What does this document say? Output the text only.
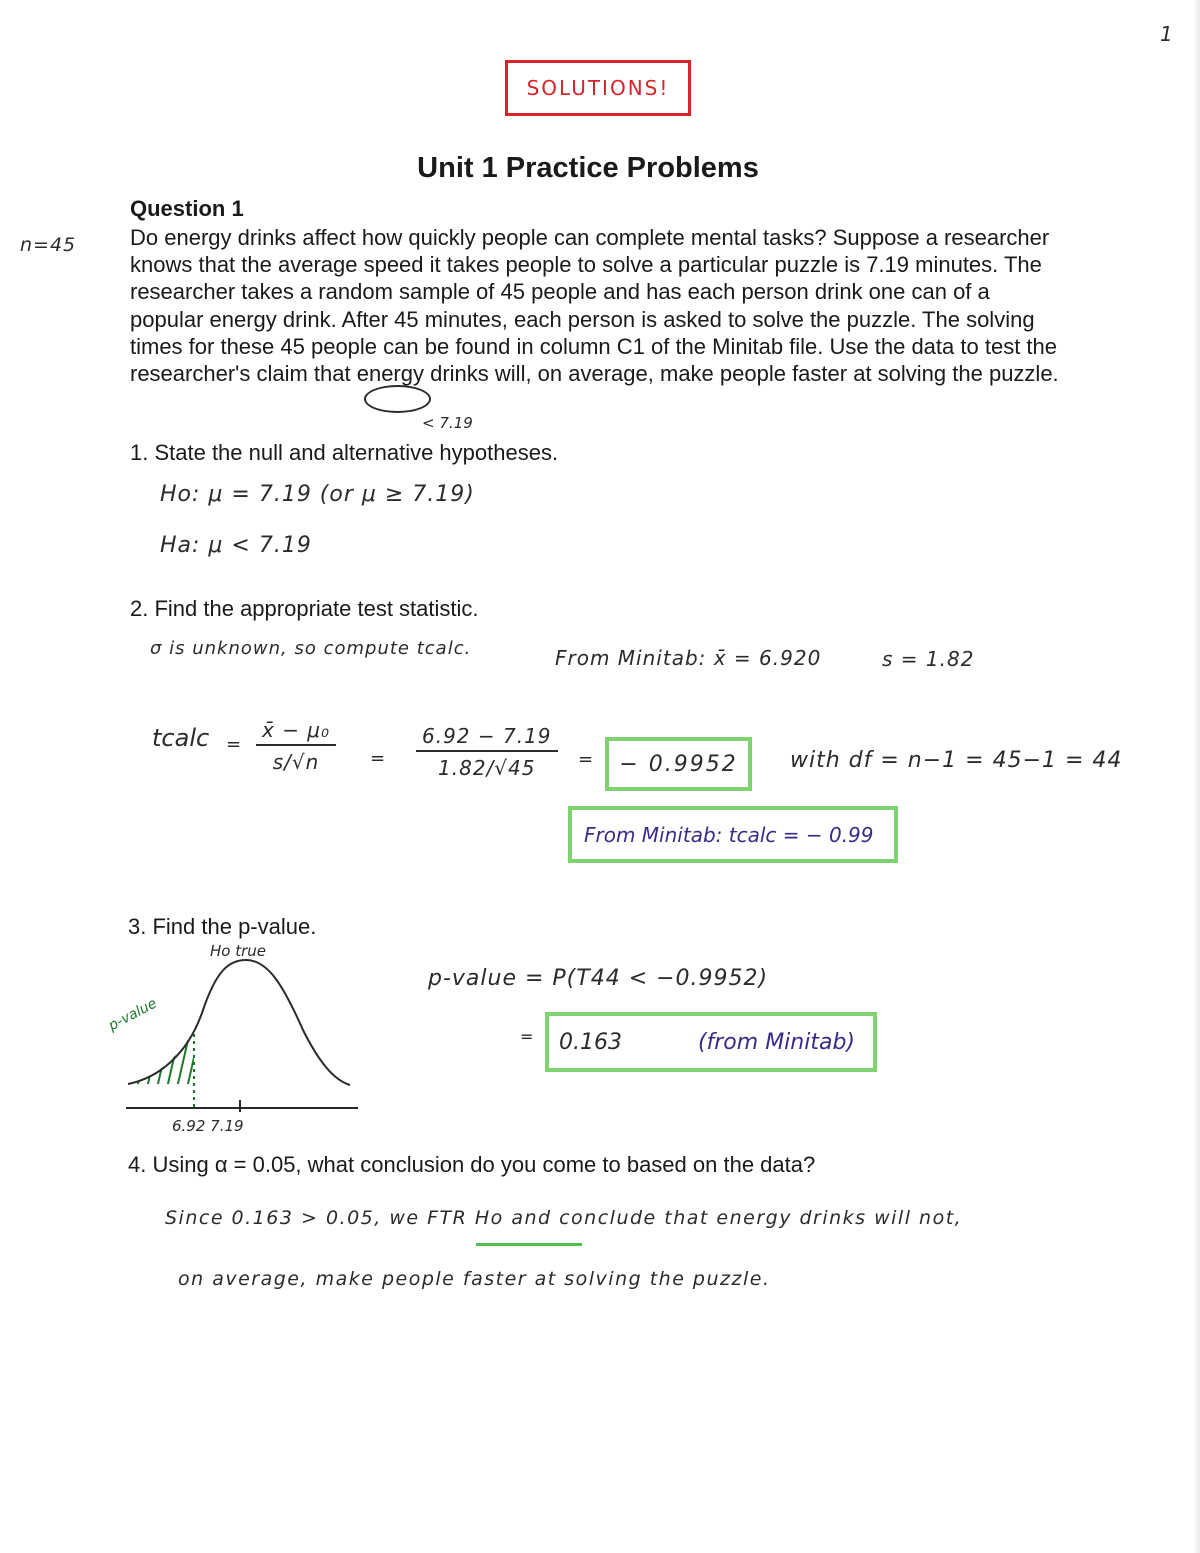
SOLUTIONS!
1
Unit 1 Practice Problems
Question 1
n=45 Do energy drinks affect how quickly people can complete mental tasks? Suppose a researcher knows that the average speed it takes people to solve a particular puzzle is 7.19 minutes. The researcher takes a random sample of 45 people and has each person drink one can of a popular energy drink. After 45 minutes, each person is asked to solve the puzzle. The solving times for these 45 people can be found in column C1 of the Minitab file. Use the data to test the researcher's claim that energy drinks will, on average, make people faster at solving the puzzle.
< 7.19
1. State the null and alternative hypotheses.
Ho: μ = 7.19 (or μ ≥ 7.19)
Ha: μ < 7.19
2. Find the appropriate test statistic.
σ is unknown, so compute tcalc.	From Minitab: x̄ = 6.920	s = 1.82
tcalc = $\frac{\text{x̄ − μ₀}}{s/√n} = \frac{6.92 - 7.19}{1.82/√45}$ =	− 0.9952	with df = n−1 = 45−1 = 44
From Minitab: tcalc = − 0.99
3. Find the p-value.
Ho true
p-value
6.92 7.19
p-value = P(T44 < −0.9952)
= 0.163	(from Minitab)
4. Using α = 0.05, what conclusion do you come to based on the data?
Since 0.163 > 0.05, we FTR Ho and conclude that energy drinks will not,
on average, make people faster at solving the puzzle.
